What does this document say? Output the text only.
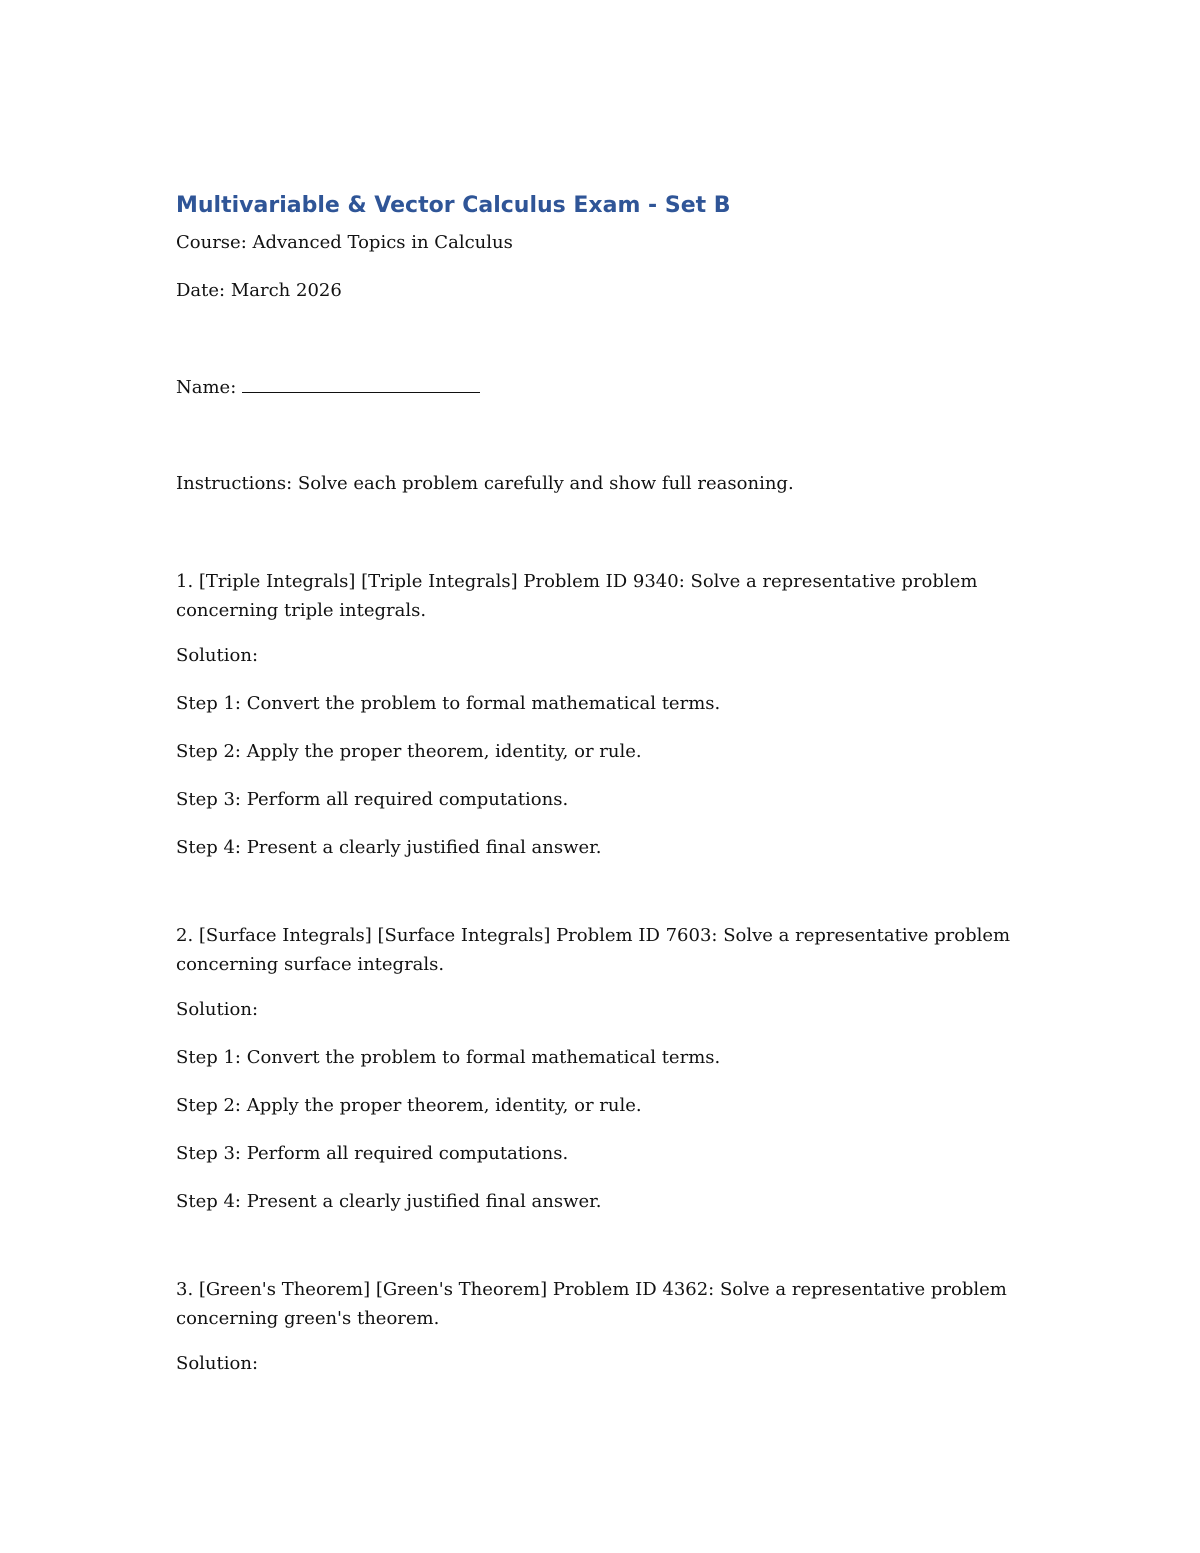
Multivariable & Vector Calculus Exam - Set B

Course: Advanced Topics in Calculus

Date: March 2026

Name:

Instructions: Solve each problem carefully and show full reasoning.

1. [Triple Integrals] [Triple Integrals] Problem ID 9340: Solve a representative problem concerning triple integrals.

Solution:

Step 1: Convert the problem to formal mathematical terms.

Step 2: Apply the proper theorem, identity, or rule.

Step 3: Perform all required computations.

Step 4: Present a clearly justified final answer.

2. [Surface Integrals] [Surface Integrals] Problem ID 7603: Solve a representative problem concerning surface integrals.

Solution:

Step 1: Convert the problem to formal mathematical terms.

Step 2: Apply the proper theorem, identity, or rule.

Step 3: Perform all required computations.

Step 4: Present a clearly justified final answer.

3. [Green's Theorem] [Green's Theorem] Problem ID 4362: Solve a representative problem concerning green's theorem.

Solution:
